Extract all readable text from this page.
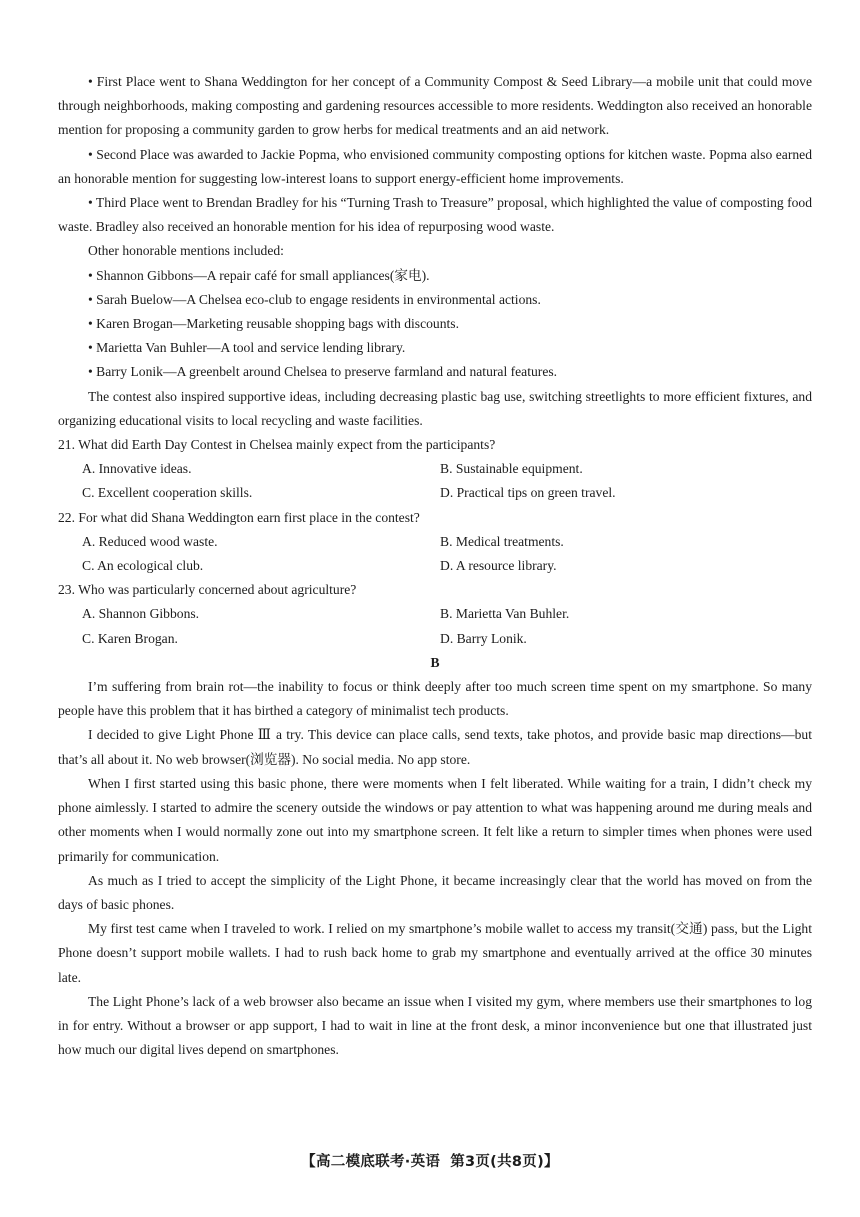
• First Place went to Shana Weddington for her concept of a Community Compost & Seed Library—a mobile unit that could move through neighborhoods, making composting and gardening resources accessible to more residents. Weddington also received an honorable mention for proposing a community garden to grow herbs for medical treatments and an aid network.

• Second Place was awarded to Jackie Popma, who envisioned community composting options for kitchen waste. Popma also earned an honorable mention for suggesting low-interest loans to support energy-efficient home improvements.

• Third Place went to Brendan Bradley for his “Turning Trash to Treasure” proposal, which highlighted the value of composting food waste. Bradley also received an honorable mention for his idea of repurposing wood waste.

Other honorable mentions included:

• Shannon Gibbons—A repair café for small appliances(家电).

• Sarah Buelow—A Chelsea eco-club to engage residents in environmental actions.

• Karen Brogan—Marketing reusable shopping bags with discounts.

• Marietta Van Buhler—A tool and service lending library.

• Barry Lonik—A greenbelt around Chelsea to preserve farmland and natural features.

The contest also inspired supportive ideas, including decreasing plastic bag use, switching streetlights to more efficient fixtures, and organizing educational visits to local recycling and waste facilities.

21. What did Earth Day Contest in Chelsea mainly expect from the participants?

A. Innovative ideas.	B. Sustainable equipment.
C. Excellent cooperation skills.	D. Practical tips on green travel.

22. For what did Shana Weddington earn first place in the contest?

A. Reduced wood waste.	B. Medical treatments.
C. An ecological club.	D. A resource library.

23. Who was particularly concerned about agriculture?

A. Shannon Gibbons.	B. Marietta Van Buhler.
C. Karen Brogan.	D. Barry Lonik.

B

I’m suffering from brain rot—the inability to focus or think deeply after too much screen time spent on my smartphone. So many people have this problem that it has birthed a category of minimalist tech products.

I decided to give Light Phone Ⅲ a try. This device can place calls, send texts, take photos, and provide basic map directions—but that’s all about it. No web browser(浏览器). No social media. No app store.

When I first started using this basic phone, there were moments when I felt liberated. While waiting for a train, I didn’t check my phone aimlessly. I started to admire the scenery outside the windows or pay attention to what was happening around me during meals and other moments when I would normally zone out into my smartphone screen. It felt like a return to simpler times when phones were used primarily for communication.

As much as I tried to accept the simplicity of the Light Phone, it became increasingly clear that the world has moved on from the days of basic phones.

My first test came when I traveled to work. I relied on my smartphone’s mobile wallet to access my transit(交通) pass, but the Light Phone doesn’t support mobile wallets. I had to rush back home to grab my smartphone and eventually arrived at the office 30 minutes late.

The Light Phone’s lack of a web browser also became an issue when I visited my gym, where members use their smartphones to log in for entry. Without a browser or app support, I had to wait in line at the front desk, a minor inconvenience but one that illustrated just how much our digital lives depend on smartphones.

【高二模底联考·英语 第3页(共8页)】
